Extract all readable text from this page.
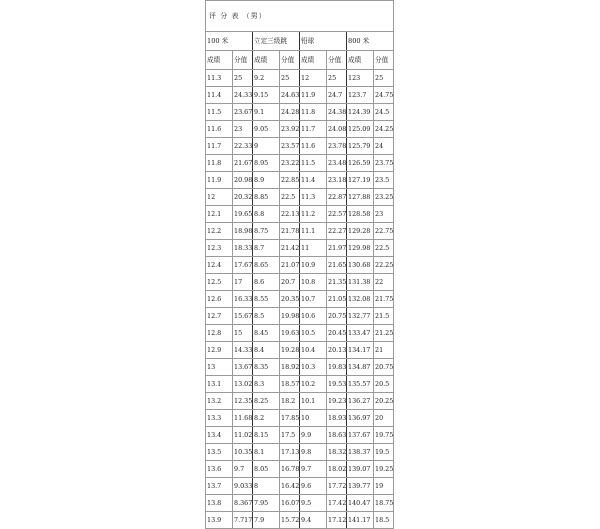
评 分 表 （男）							
100 米		立定三级跳		铅球		800 米	
成绩	分值	成绩	分值	成绩	分值	成绩	分值
11.3	25	9.2	25	12	25	123	25
11.4	24.33	9.15	24.63	11.9	24.7	123.7	24.75
11.5	23.67	9.1	24.28	11.8	24.38	124.39	24.5
11.6	23	9.05	23.92	11.7	24.08	125.09	24.25
11.7	22.33	9	23.57	11.6	23.78	125.79	24
11.8	21.67	8.95	23.22	11.5	23.48	126.59	23.75
11.9	20.98	8.9	22.85	11.4	23.18	127.19	23.5
12	20.32	8.85	22.5	11.3	22.87	127.88	23.25
12.1	19.65	8.8	22.13	11.2	22.57	128.58	23
12.2	18.98	8.75	21.78	11.1	22.27	129.28	22.75
12.3	18.33	8.7	21.42	11	21.97	129.98	22.5
12.4	17.67	8.65	21.07	10.9	21.65	130.68	22.25
12.5	17	8.6	20.7	10.8	21.35	131.38	22
12.6	16.33	8.55	20.35	10.7	21.05	132.08	21.75
12.7	15.67	8.5	19.98	10.6	20.75	132.77	21.5
12.8	15	8.45	19.63	10.5	20.45	133.47	21.25
12.9	14.33	8.4	19.28	10.4	20.13	134.17	21
13	13.67	8.35	18.92	10.3	19.83	134.87	20.75
13.1	13.02	8.3	18.57	10.2	19.53	135.57	20.5
13.2	12.35	8.25	18.2	10.1	19.23	136.27	20.25
13.3	11.68	8.2	17.85	10	18.93	136.97	20
13.4	11.02	8.15	17.5	9.9	18.63	137.67	19.75
13.5	10.35	8.1	17.13	9.8	18.32	138.37	19.5
13.6	9.7	8.05	16.78	9.7	18.02	139.07	19.25
13.7	9.033	8	16.42	9.6	17.72	139.77	19
13.8	8.367	7.95	16.07	9.5	17.42	140.47	18.75
13.9	7.717	7.9	15.72	9.4	17.12	141.17	18.5
